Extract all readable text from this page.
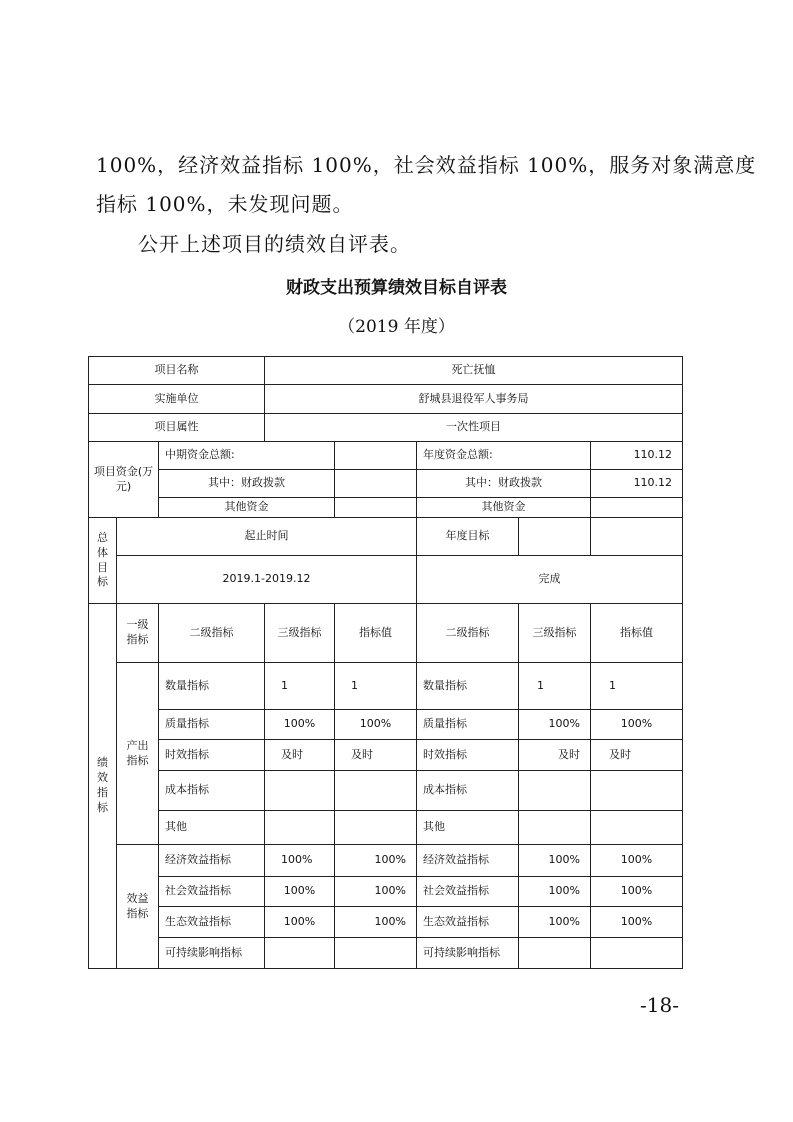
100%，经济效益指标 100%，社会效益指标 100%，服务对象满意度
指标 100%，未发现问题。
公开上述项目的绩效自评表。
财政支出预算绩效目标自评表
（2019 年度）
项目名称			死亡抚恤				
实施单位			舒城县退役军人事务局				
项目属性			一次性项目				
项目资金(万元)		中期资金总额:			年度资金总额:		110.12
		其中：财政拨款			其中：财政拨款		110.12
		其他资金			其他资金		
总体目标	起止时间				年度目标		
	2019.1-2019.12				完成		
绩效指标	一级指标	二级指标	三级指标	指标值	二级指标	三级指标	指标值
	产出指标	数量指标	1	1	数量指标	1	1
		质量指标	100%	100%	质量指标	100%	100%
		时效指标	及时	及时	时效指标	及时	及时
		成本指标			成本指标		
		其他			其他		
	效益指标	经济效益指标	100%	100%	经济效益指标	100%	100%
		社会效益指标	100%	100%	社会效益指标	100%	100%
		生态效益指标	100%	100%	生态效益指标	100%	100%
		可持续影响指标			可持续影响指标		
-18-
